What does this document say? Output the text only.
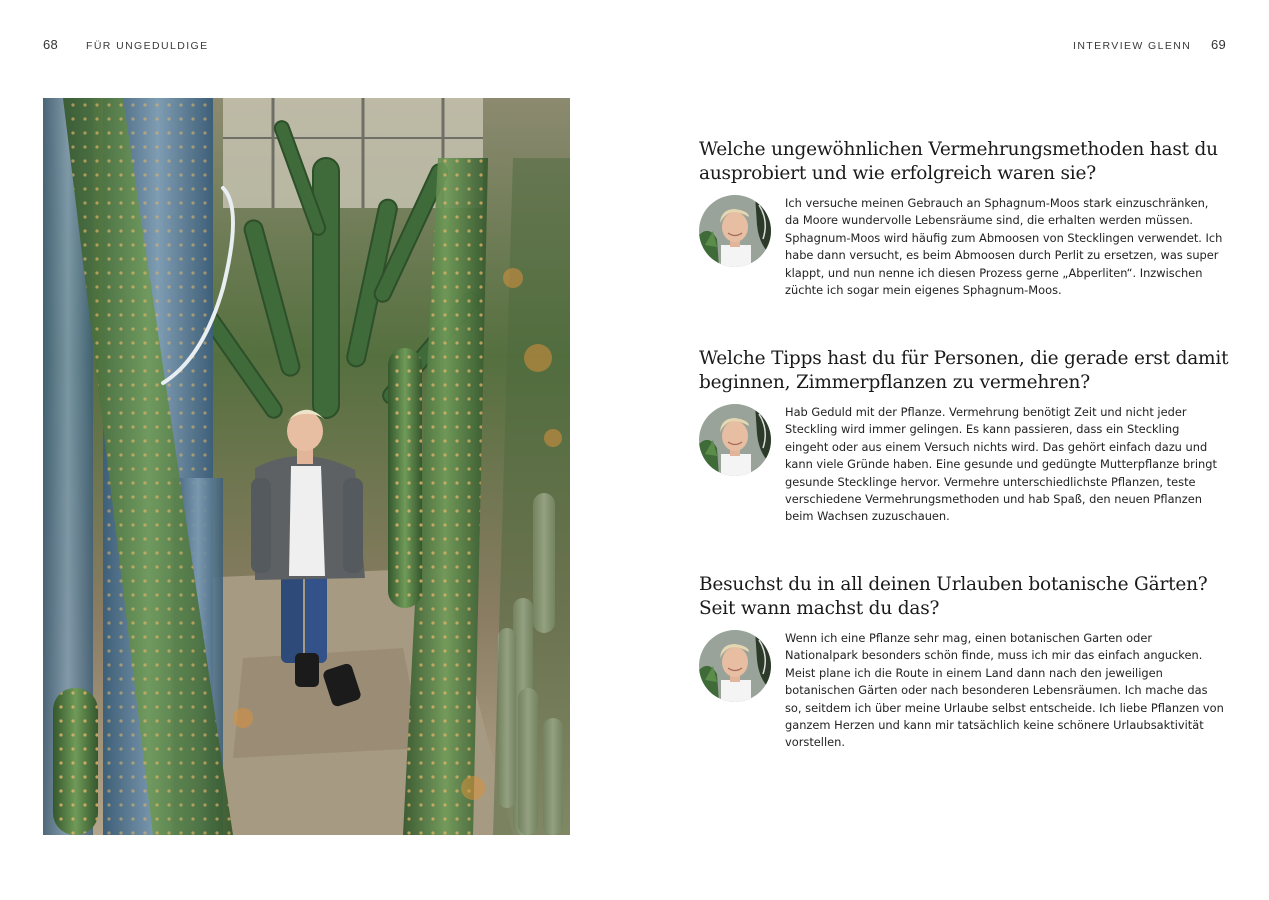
68	FÜR UNGEDULDIGE	INTERVIEW GLENN 69
Welche ungewöhnlichen Vermehrungsmethoden hast du ausprobiert und wie erfolgreich waren sie?

Ich versuche meinen Gebrauch an Sphagnum-Moos stark einzuschränken, da Moore wundervolle Lebensräume sind, die erhalten werden müssen. Sphagnum-Moos wird häufig zum Abmoosen von Stecklingen verwendet. Ich habe dann versucht, es beim Abmoosen durch Perlit zu ersetzen, was super klappt, und nun nenne ich diesen Prozess gerne „Abperliten“. Inzwischen züchte ich sogar mein eigenes Sphagnum-Moos.

Welche Tipps hast du für Personen, die gerade erst damit beginnen, Zimmerpflanzen zu vermehren?

Hab Geduld mit der Pflanze. Vermehrung benötigt Zeit und nicht jeder Steckling wird immer gelingen. Es kann passieren, dass ein Steckling eingeht oder aus einem Versuch nichts wird. Das gehört einfach dazu und kann viele Gründe haben. Eine gesunde und gedüngte Mutterpflanze bringt gesunde Stecklinge hervor. Vermehre unterschiedlichste Pflanzen, teste verschiedene Vermehrungsmethoden und hab Spaß, den neuen Pflanzen beim Wachsen zuzuschauen.

Besuchst du in all deinen Urlauben botanische Gärten? Seit wann machst du das?

Wenn ich eine Pflanze sehr mag, einen botanischen Garten oder Nationalpark besonders schön finde, muss ich mir das einfach angucken. Meist plane ich die Route in einem Land dann nach den jeweiligen botanischen Gärten oder nach besonderen Lebensräumen. Ich mache das so, seitdem ich über meine Urlaube selbst entscheide. Ich liebe Pflanzen von ganzem Herzen und kann mir tatsächlich keine schönere Urlaubsaktivität vorstellen.
